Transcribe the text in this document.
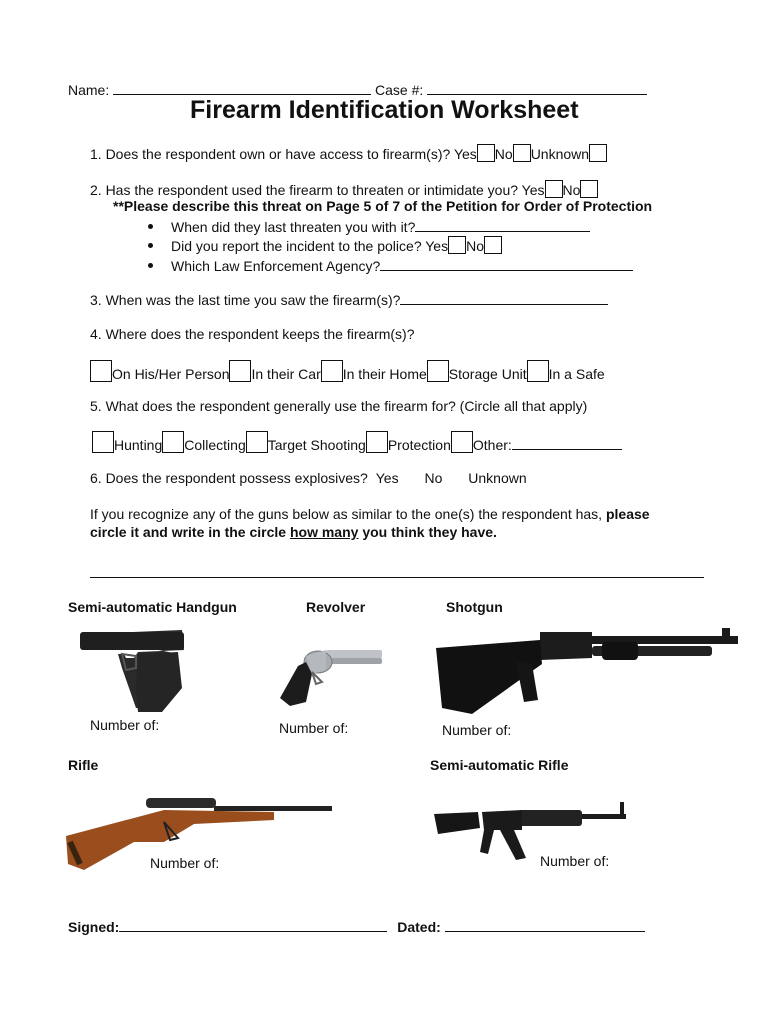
Name:	Case #:
Firearm Identification Worksheet
1. Does the respondent own or have access to firearm(s)? Yes No Unknown
2. Has the respondent used the firearm to threaten or intimidate you? Yes No
**Please describe this threat on Page 5 of 7 of the Petition for Order of Protection
When did they last threaten you with it?
Did you report the incident to the police? Yes No
Which Law Enforcement Agency?
3. When was the last time you saw the firearm(s)?
4. Where does the respondent keeps the firearm(s)?
On His/Her Person In their Car In their Home Storage Unit In a Safe
5. What does the respondent generally use the firearm for? (Circle all that apply)
Hunting Collecting Target Shooting Protection Other:
6. Does the respondent possess explosives? Yes No Unknown
If you recognize any of the guns below as similar to the one(s) the respondent has, please
circle it and write in the circle how many you think they have.
Semi-automatic Handgun	Revolver	Shotgun
Number of:	Number of:	Number of:
Rifle	Semi-automatic Rifle
Number of:	Number of:
Signed:	Dated:
